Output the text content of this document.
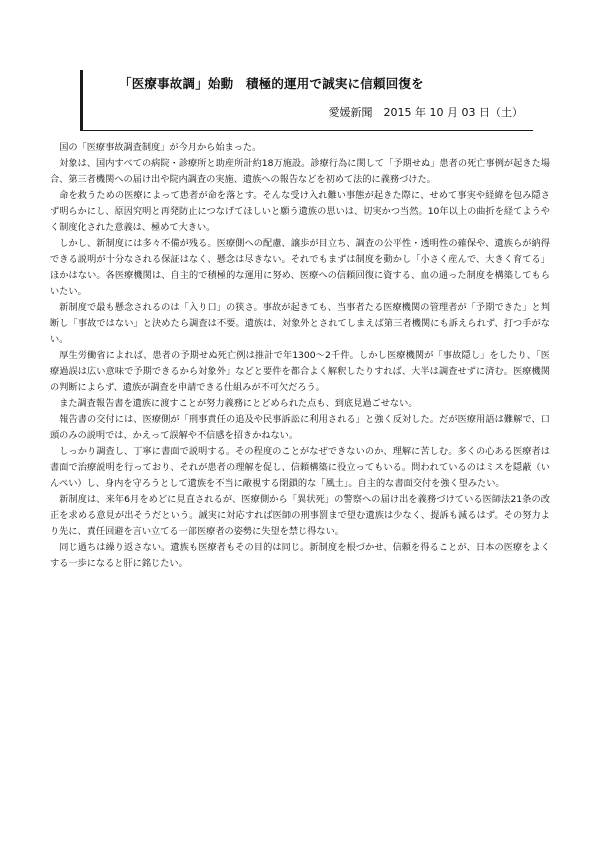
「医療事故調」始動　積極的運用で誠実に信頼回復を
愛媛新聞　2015 年 10 月 03 日（土）

国の「医療事故調査制度」が今月から始まった。

対象は、国内すべての病院・診療所と助産所計約18万施設。診療行為に関して「予期せぬ」患者の死亡事例が起きた場合、第三者機関への届け出や院内調査の実施、遺族への報告などを初めて法的に義務づけた。

命を救うための医療によって患者が命を落とす。そんな受け入れ難い事態が起きた際に、せめて事実や経緯を包み隠さず明らかにし、原因究明と再発防止につなげてほしいと願う遺族の思いは、切実かつ当然。10年以上の曲折を経てようやく制度化された意義は、極めて大きい。

しかし、新制度には多々不備が残る。医療側への配慮、譲歩が目立ち、調査の公平性・透明性の確保や、遺族らが納得できる説明が十分なされる保証はなく、懸念は尽きない。それでもまずは制度を動かし「小さく産んで、大きく育てる」ほかはない。各医療機関は、自主的で積極的な運用に努め、医療への信頼回復に資する、血の通った制度を構築してもらいたい。

新制度で最も懸念されるのは「入り口」の狭さ。事故が起きても、当事者たる医療機関の管理者が「予期できた」と判断し「事故ではない」と決めたら調査は不要。遺族は、対象外とされてしまえば第三者機関にも訴えられず、打つ手がない。

厚生労働省によれば、患者の予期せぬ死亡例は推計で年1300～2千件。しかし医療機関が「事故隠し」をしたり、「医療過誤は広い意味で予期できるから対象外」などと要件を都合よく解釈したりすれば、大半は調査せずに済む。医療機関の判断によらず、遺族が調査を申請できる仕組みが不可欠だろう。

また調査報告書を遺族に渡すことが努力義務にとどめられた点も、到底見過ごせない。

報告書の交付には、医療側が「刑事責任の追及や民事訴訟に利用される」と強く反対した。だが医療用語は難解で、口頭のみの説明では、かえって誤解や不信感を招きかねない。

しっかり調査し、丁寧に書面で説明する。その程度のことがなぜできないのか、理解に苦しむ。多くの心ある医療者は書面で治療説明を行っており、それが患者の理解を促し、信頼構築に役立ってもいる。問われているのはミスを隠蔽（いんぺい）し、身内を守ろうとして遺族を不当に敵視する閉鎖的な「風土」。自主的な書面交付を強く望みたい。

新制度は、来年6月をめどに見直されるが、医療側から「異状死」の警察への届け出を義務づけている医師法21条の改正を求める意見が出そうだという。誠実に対応すれば医師の刑事罰まで望む遺族は少なく、提訴も減るはず。その努力より先に、責任回避を言い立てる一部医療者の姿勢に失望を禁じ得ない。

同じ過ちは繰り返さない。遺族も医療者もその目的は同じ。新制度を根づかせ、信頼を得ることが、日本の医療をよくする一歩になると肝に銘じたい。
